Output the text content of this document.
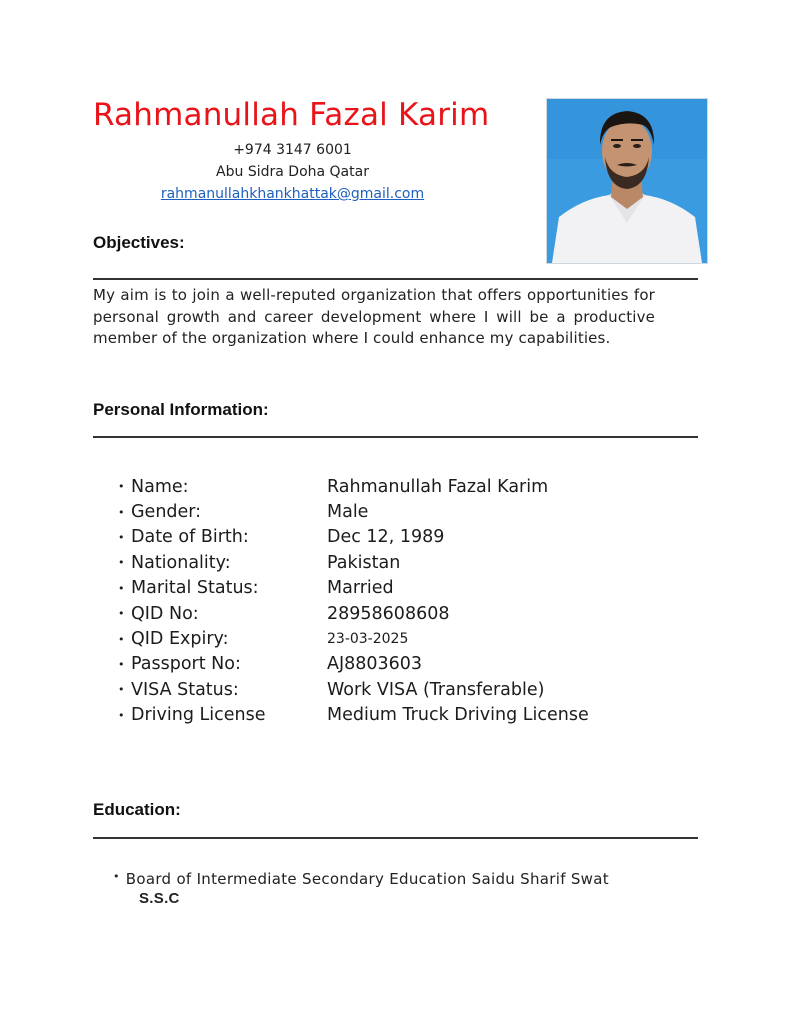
Rahmanullah Fazal Karim
+974 3147 6001
Abu Sidra Doha Qatar
rahmanullahkhankhattak@gmail.com
Objectives:
My aim is to join a well-reputed organization that offers opportunities for personal growth and career development where I will be a productive member of the organization where I could enhance my capabilities.
Personal Information:
• Name:	Rahmanullah Fazal Karim
• Gender:	Male
• Date of Birth:	Dec 12, 1989
• Nationality:	Pakistan
• Marital Status:	Married
• QID No:	28958608608
• QID Expiry:	23-03-2025
• Passport No:	AJ8803603
• VISA Status:	Work VISA (Transferable)
• Driving License	Medium Truck Driving License
Education:
• Board of Intermediate Secondary Education Saidu Sharif Swat
S.S.C
